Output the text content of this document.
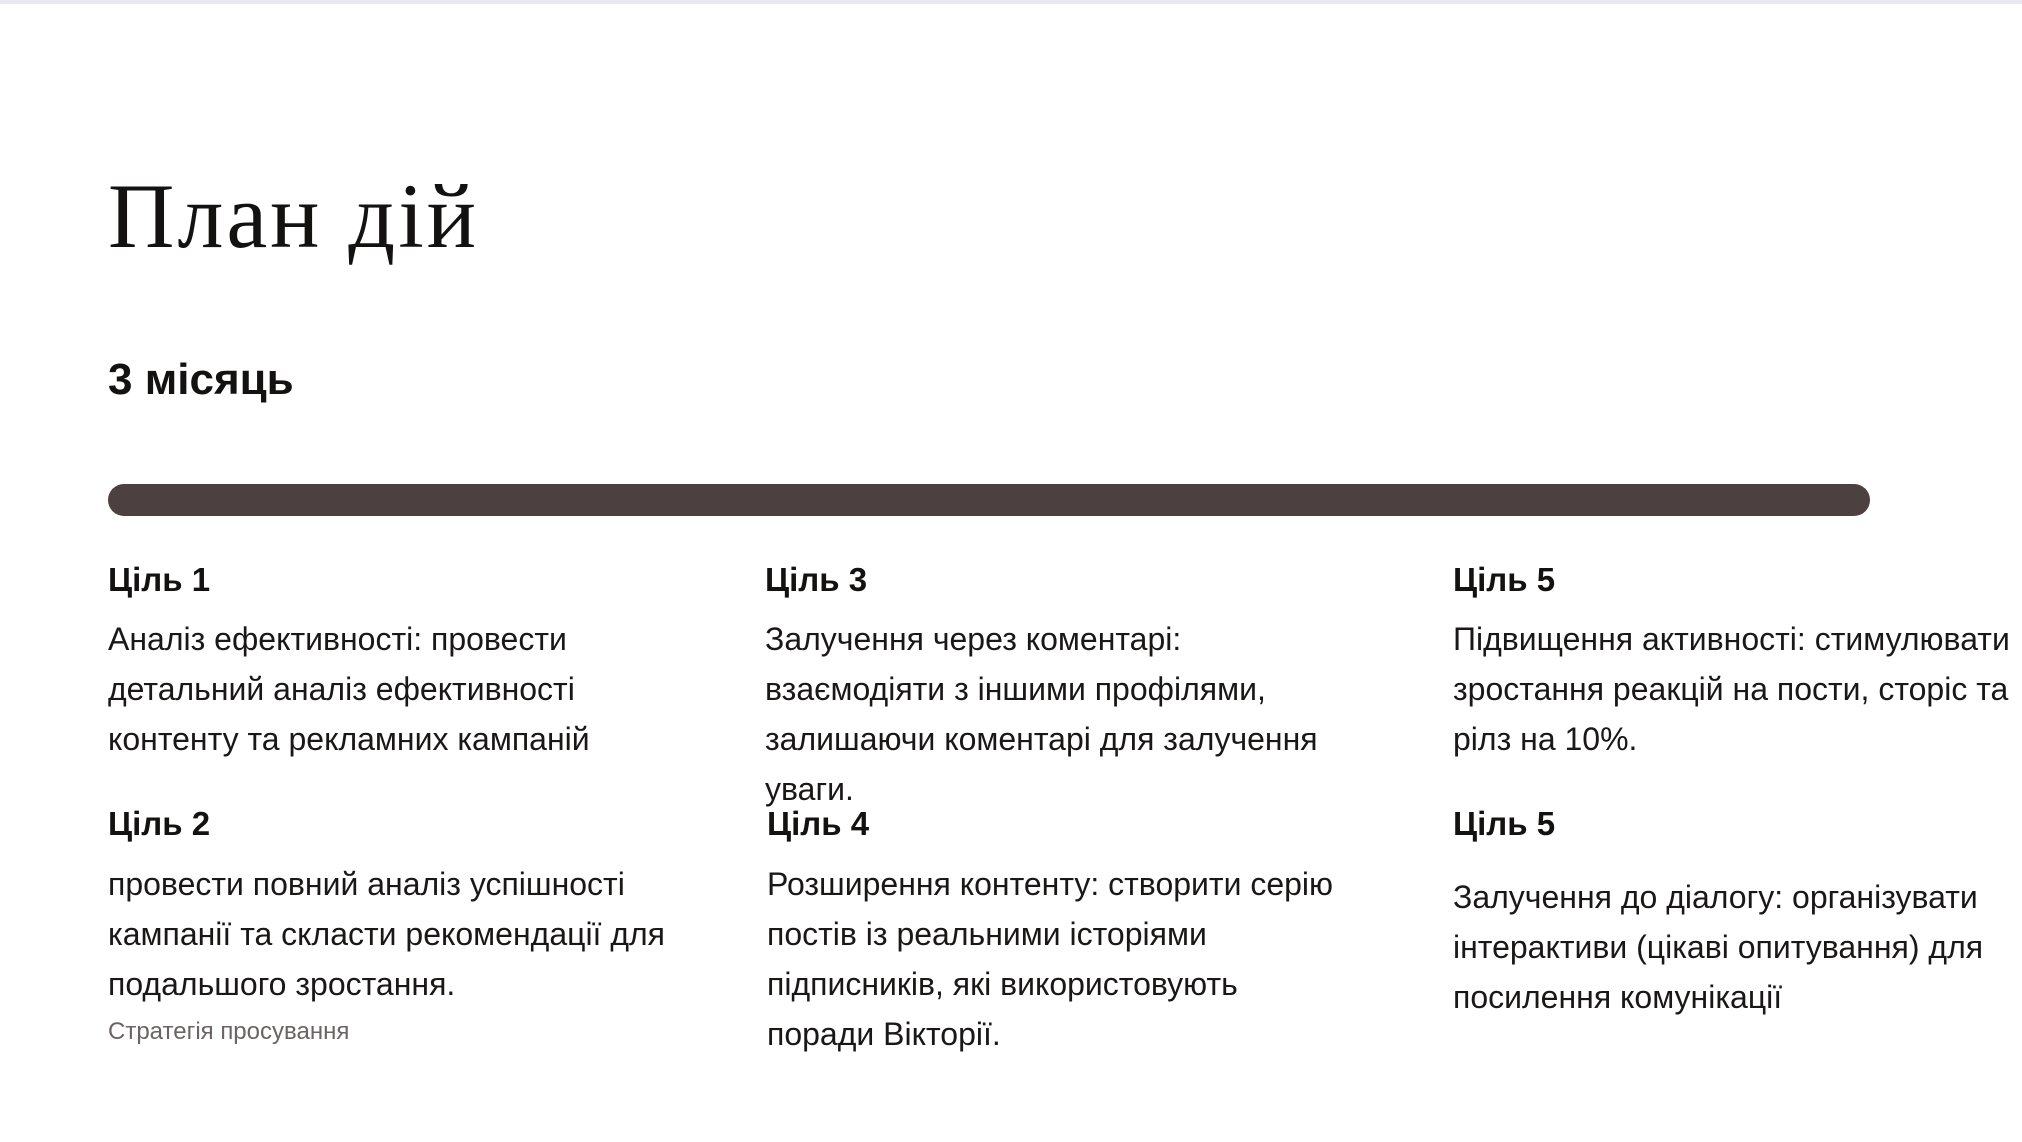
План дій
3 місяць
Ціль 1

Аналіз ефективності: провести детальний аналіз ефективності контенту та рекламних кампаній

Ціль 2

провести повний аналіз успішності кампанії та скласти рекомендації для подальшого зростання.

Стратегія просування
Ціль 3

Залучення через коментарі: взаємодіяти з іншими профілями, залишаючи коментарі для залучення уваги.

Ціль 4

Розширення контенту: створити серію постів із реальними історіями підписників, які використовують поради Вікторії.

Ціль 5

Підвищення активності: стимулювати зростання реакцій на пости, сторіс та рілз на 10%.

Ціль 5

Залучення до діалогу: організувати інтерактиви (цікаві опитування) для посилення комунікації
